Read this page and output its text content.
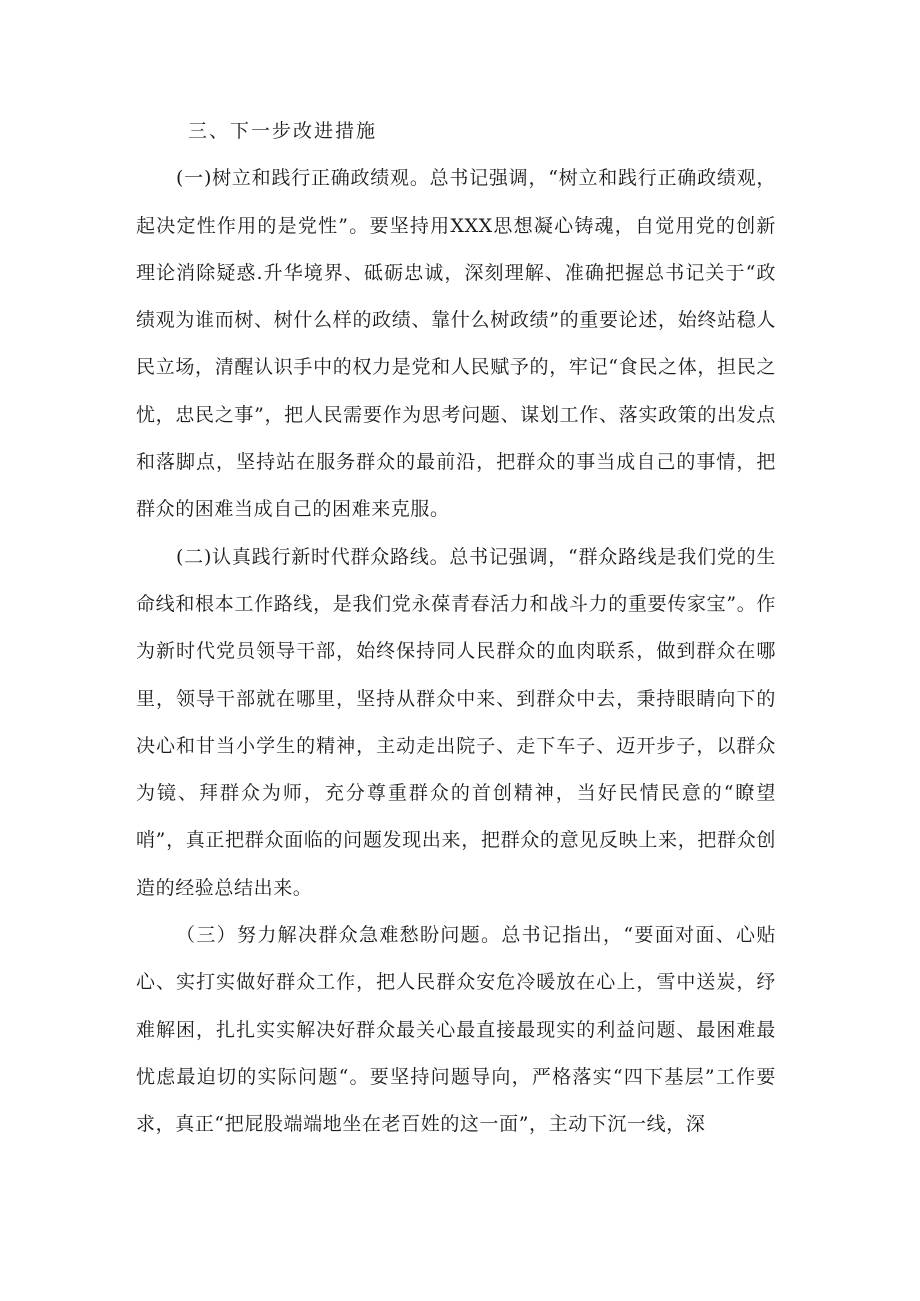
三、下一步改进措施

(一)树立和践行正确政绩观。总书记强调，“树立和践行正确政绩观，起决定性作用的是党性”。要坚持用XXX思想凝心铸魂，自觉用党的创新理论消除疑惑.升华境界、砥砺忠诚，深刻理解、准确把握总书记关于“政绩观为谁而树、树什么样的政绩、靠什么树政绩”的重要论述，始终站稳人民立场，清醒认识手中的权力是党和人民赋予的，牢记“食民之体，担民之忧，忠民之事”，把人民需要作为思考问题、谋划工作、落实政策的出发点和落脚点，坚持站在服务群众的最前沿，把群众的事当成自己的事情，把群众的困难当成自己的困难来克服。

(二)认真践行新时代群众路线。总书记强调，“群众路线是我们党的生命线和根本工作路线，是我们党永葆青春活力和战斗力的重要传家宝”。作为新时代党员领导干部，始终保持同人民群众的血肉联系，做到群众在哪里，领导干部就在哪里，坚持从群众中来、到群众中去，秉持眼睛向下的决心和甘当小学生的精神，主动走出院子、走下车子、迈开步子，以群众为镜、拜群众为师，充分尊重群众的首创精神，当好民情民意的“瞭望哨”，真正把群众面临的问题发现出来，把群众的意见反映上来，把群众创造的经验总结出来。

（三）努力解决群众急难愁盼问题。总书记指出，“要面对面、心贴心、实打实做好群众工作，把人民群众安危冷暖放在心上，雪中送炭，纾难解困，扎扎实实解决好群众最关心最直接最现实的利益问题、最困难最忧虑最迫切的实际问题“。要坚持问题导向，严格落实“四下基层”工作要求，真正“把屁股端端地坐在老百姓的这一面”，主动下沉一线，深
